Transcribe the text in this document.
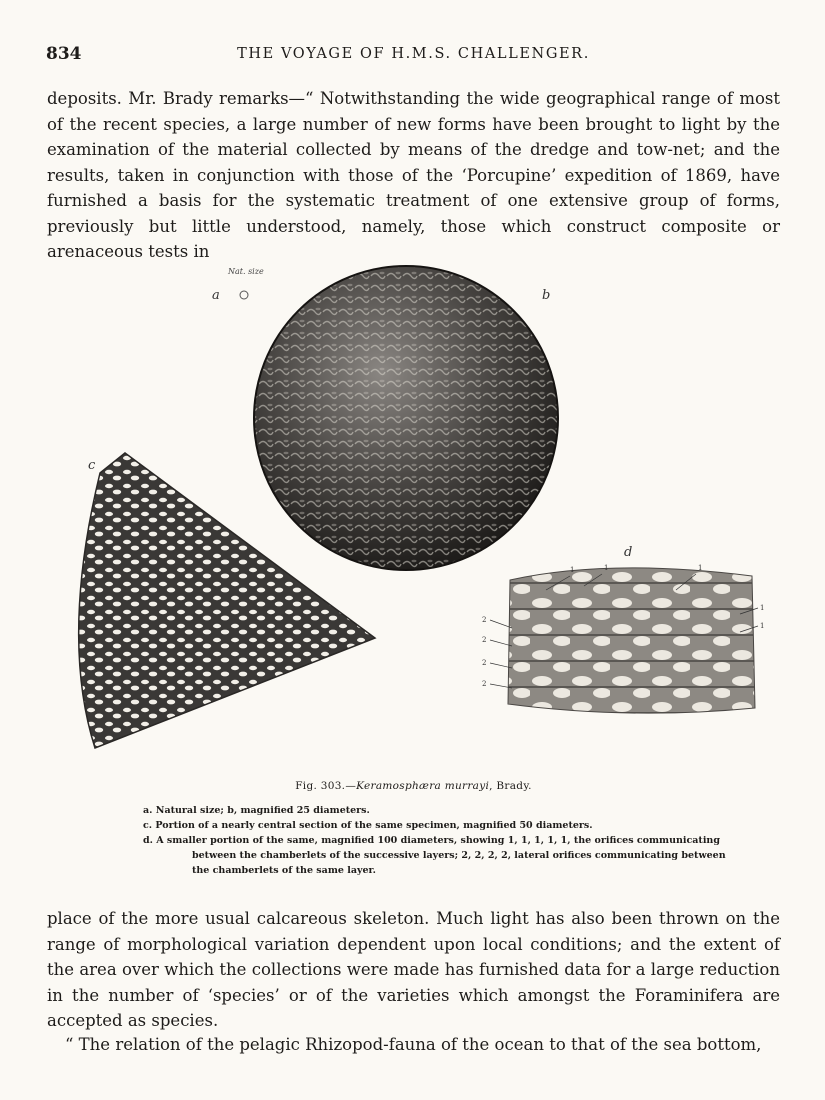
834	THE VOYAGE OF H.M.S. CHALLENGER.
deposits. Mr. Brady remarks—“ Notwithstanding the wide geographical range of most of the recent species, a large number of new forms have been brought to light by the examination of the material collected by means of the dredge and tow-net; and the results, taken in conjunction with those of the ‘Porcupine’ expedition of 1869, have furnished a basis for the systematic treatment of one extensive group of forms, previously but little understood, namely, those which construct composite or arenaceous tests in
1	1	1
1
1
2
2
2
2
Nat. size
a	b
c
d
Fig. 303.—Keramosphæra murrayi, Brady.

a. Natural size; b, magnified 25 diameters.

c. Portion of a nearly central section of the same specimen, magnified 50 diameters.

d. A smaller portion of the same, magnified 100 diameters, showing 1, 1, 1, 1, 1, the orifices communicating

between the chamberlets of the successive layers; 2, 2, 2, 2, lateral orifices communicating between

the chamberlets of the same layer.

place of the more usual calcareous skeleton. Much light has also been thrown on the range of morphological variation dependent upon local conditions; and the extent of the area over which the collections were made has furnished data for a large reduction in the number of ‘species’ or of the varieties which amongst the Foraminifera are accepted as species.
“ The relation of the pelagic Rhizopod-fauna of the ocean to that of the sea bottom,
